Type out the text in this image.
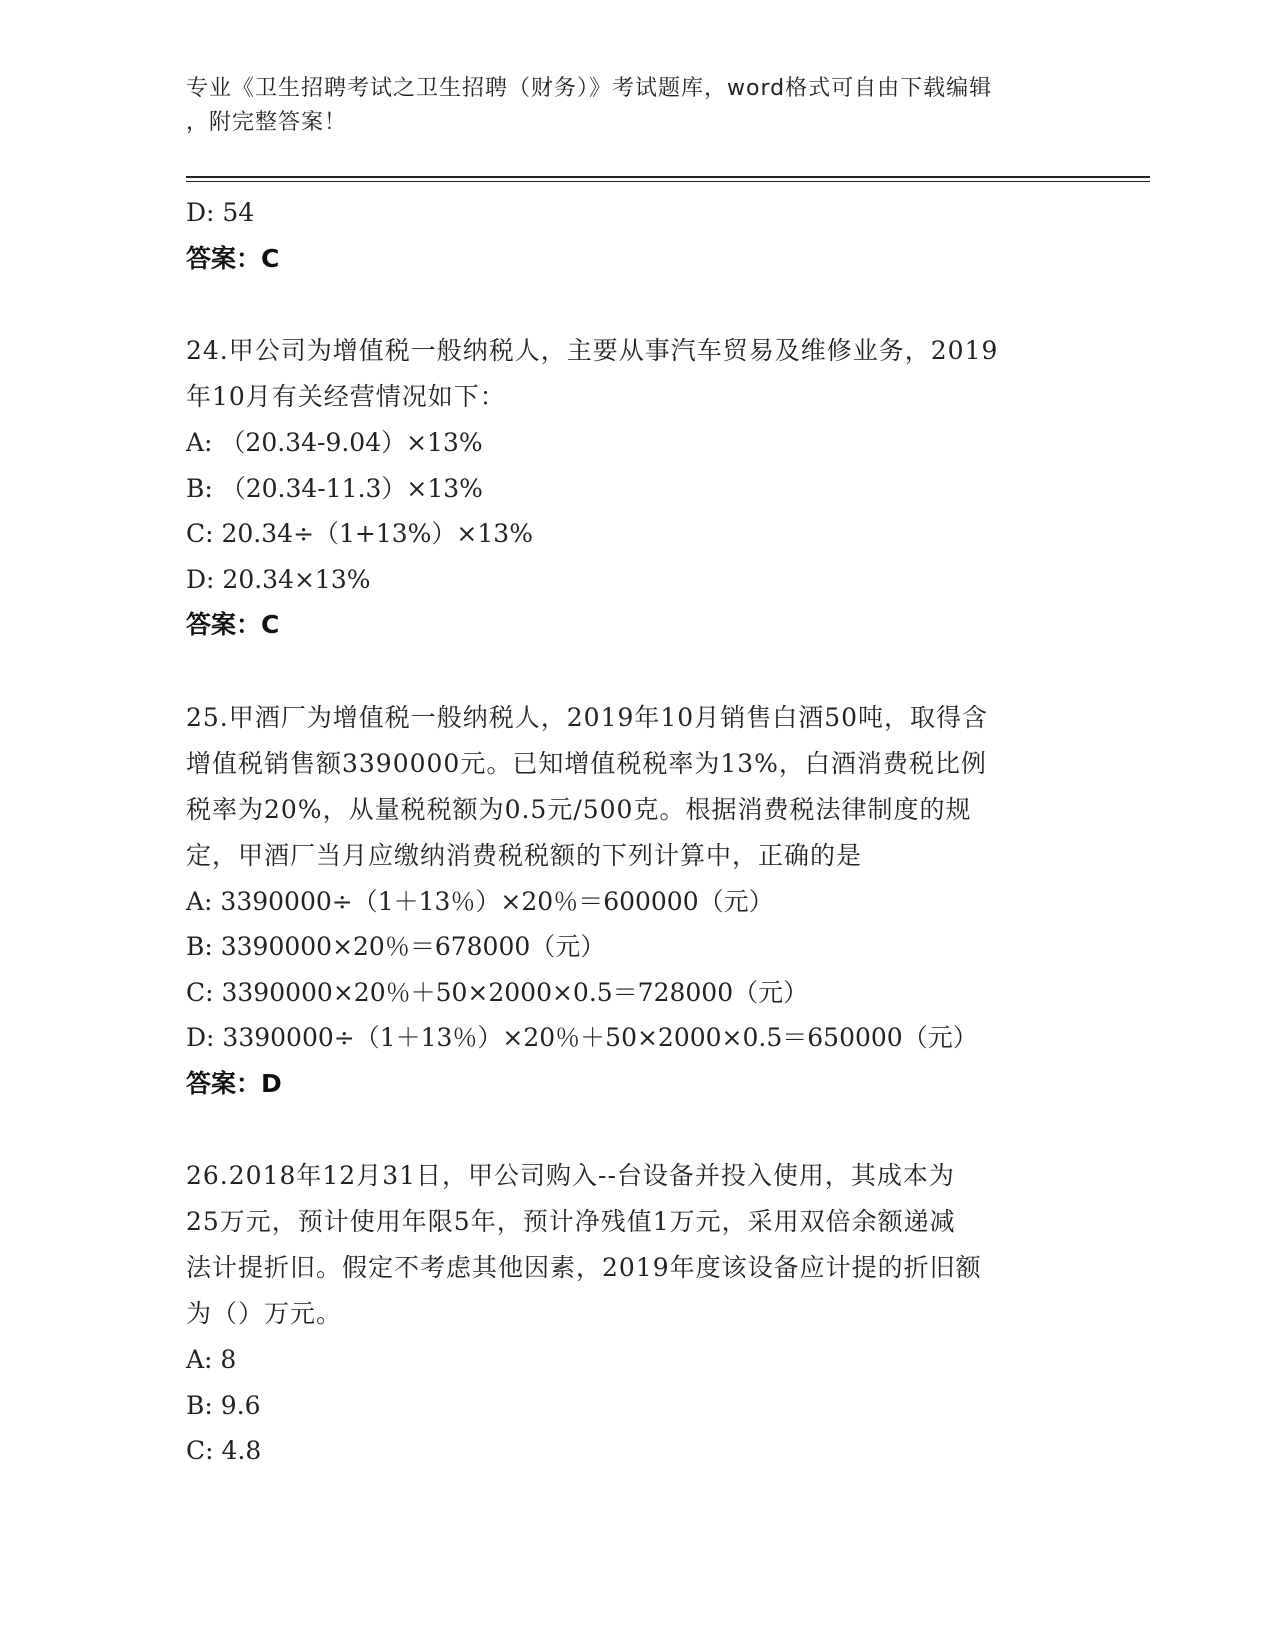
专业《卫生招聘考试之卫生招聘（财务）》考试题库，word格式可自由下载编辑
，附完整答案！
D: 54
答案：C
24.甲公司为增值税一般纳税人，主要从事汽车贸易及维修业务，2019
年10月有关经营情况如下：
A: （20.34-9.04）×13%
B: （20.34-11.3）×13%
C: 20.34÷（1+13%）×13%
D: 20.34×13%
答案：C
25.甲酒厂为增值税一般纳税人，2019年10月销售白酒50吨，取得含
增值税销售额3390000元。已知增值税税率为13%，白酒消费税比例
税率为20%，从量税税额为0.5元/500克。根据消费税法律制度的规
定，甲酒厂当月应缴纳消费税税额的下列计算中，正确的是
A: 3390000÷（1＋13％）×20％＝600000（元）
B: 3390000×20％＝678000（元）
C: 3390000×20％＋50×2000×0.5＝728000（元）
D: 3390000÷（1＋13％）×20％＋50×2000×0.5＝650000（元）
答案：D
26.2018年12月31日，甲公司购入--台设备并投入使用，其成本为
25万元，预计使用年限5年，预计净残值1万元，采用双倍余额递减
法计提折旧。假定不考虑其他因素，2019年度该设备应计提的折旧额
为（）万元。
A: 8
B: 9.6
C: 4.8
